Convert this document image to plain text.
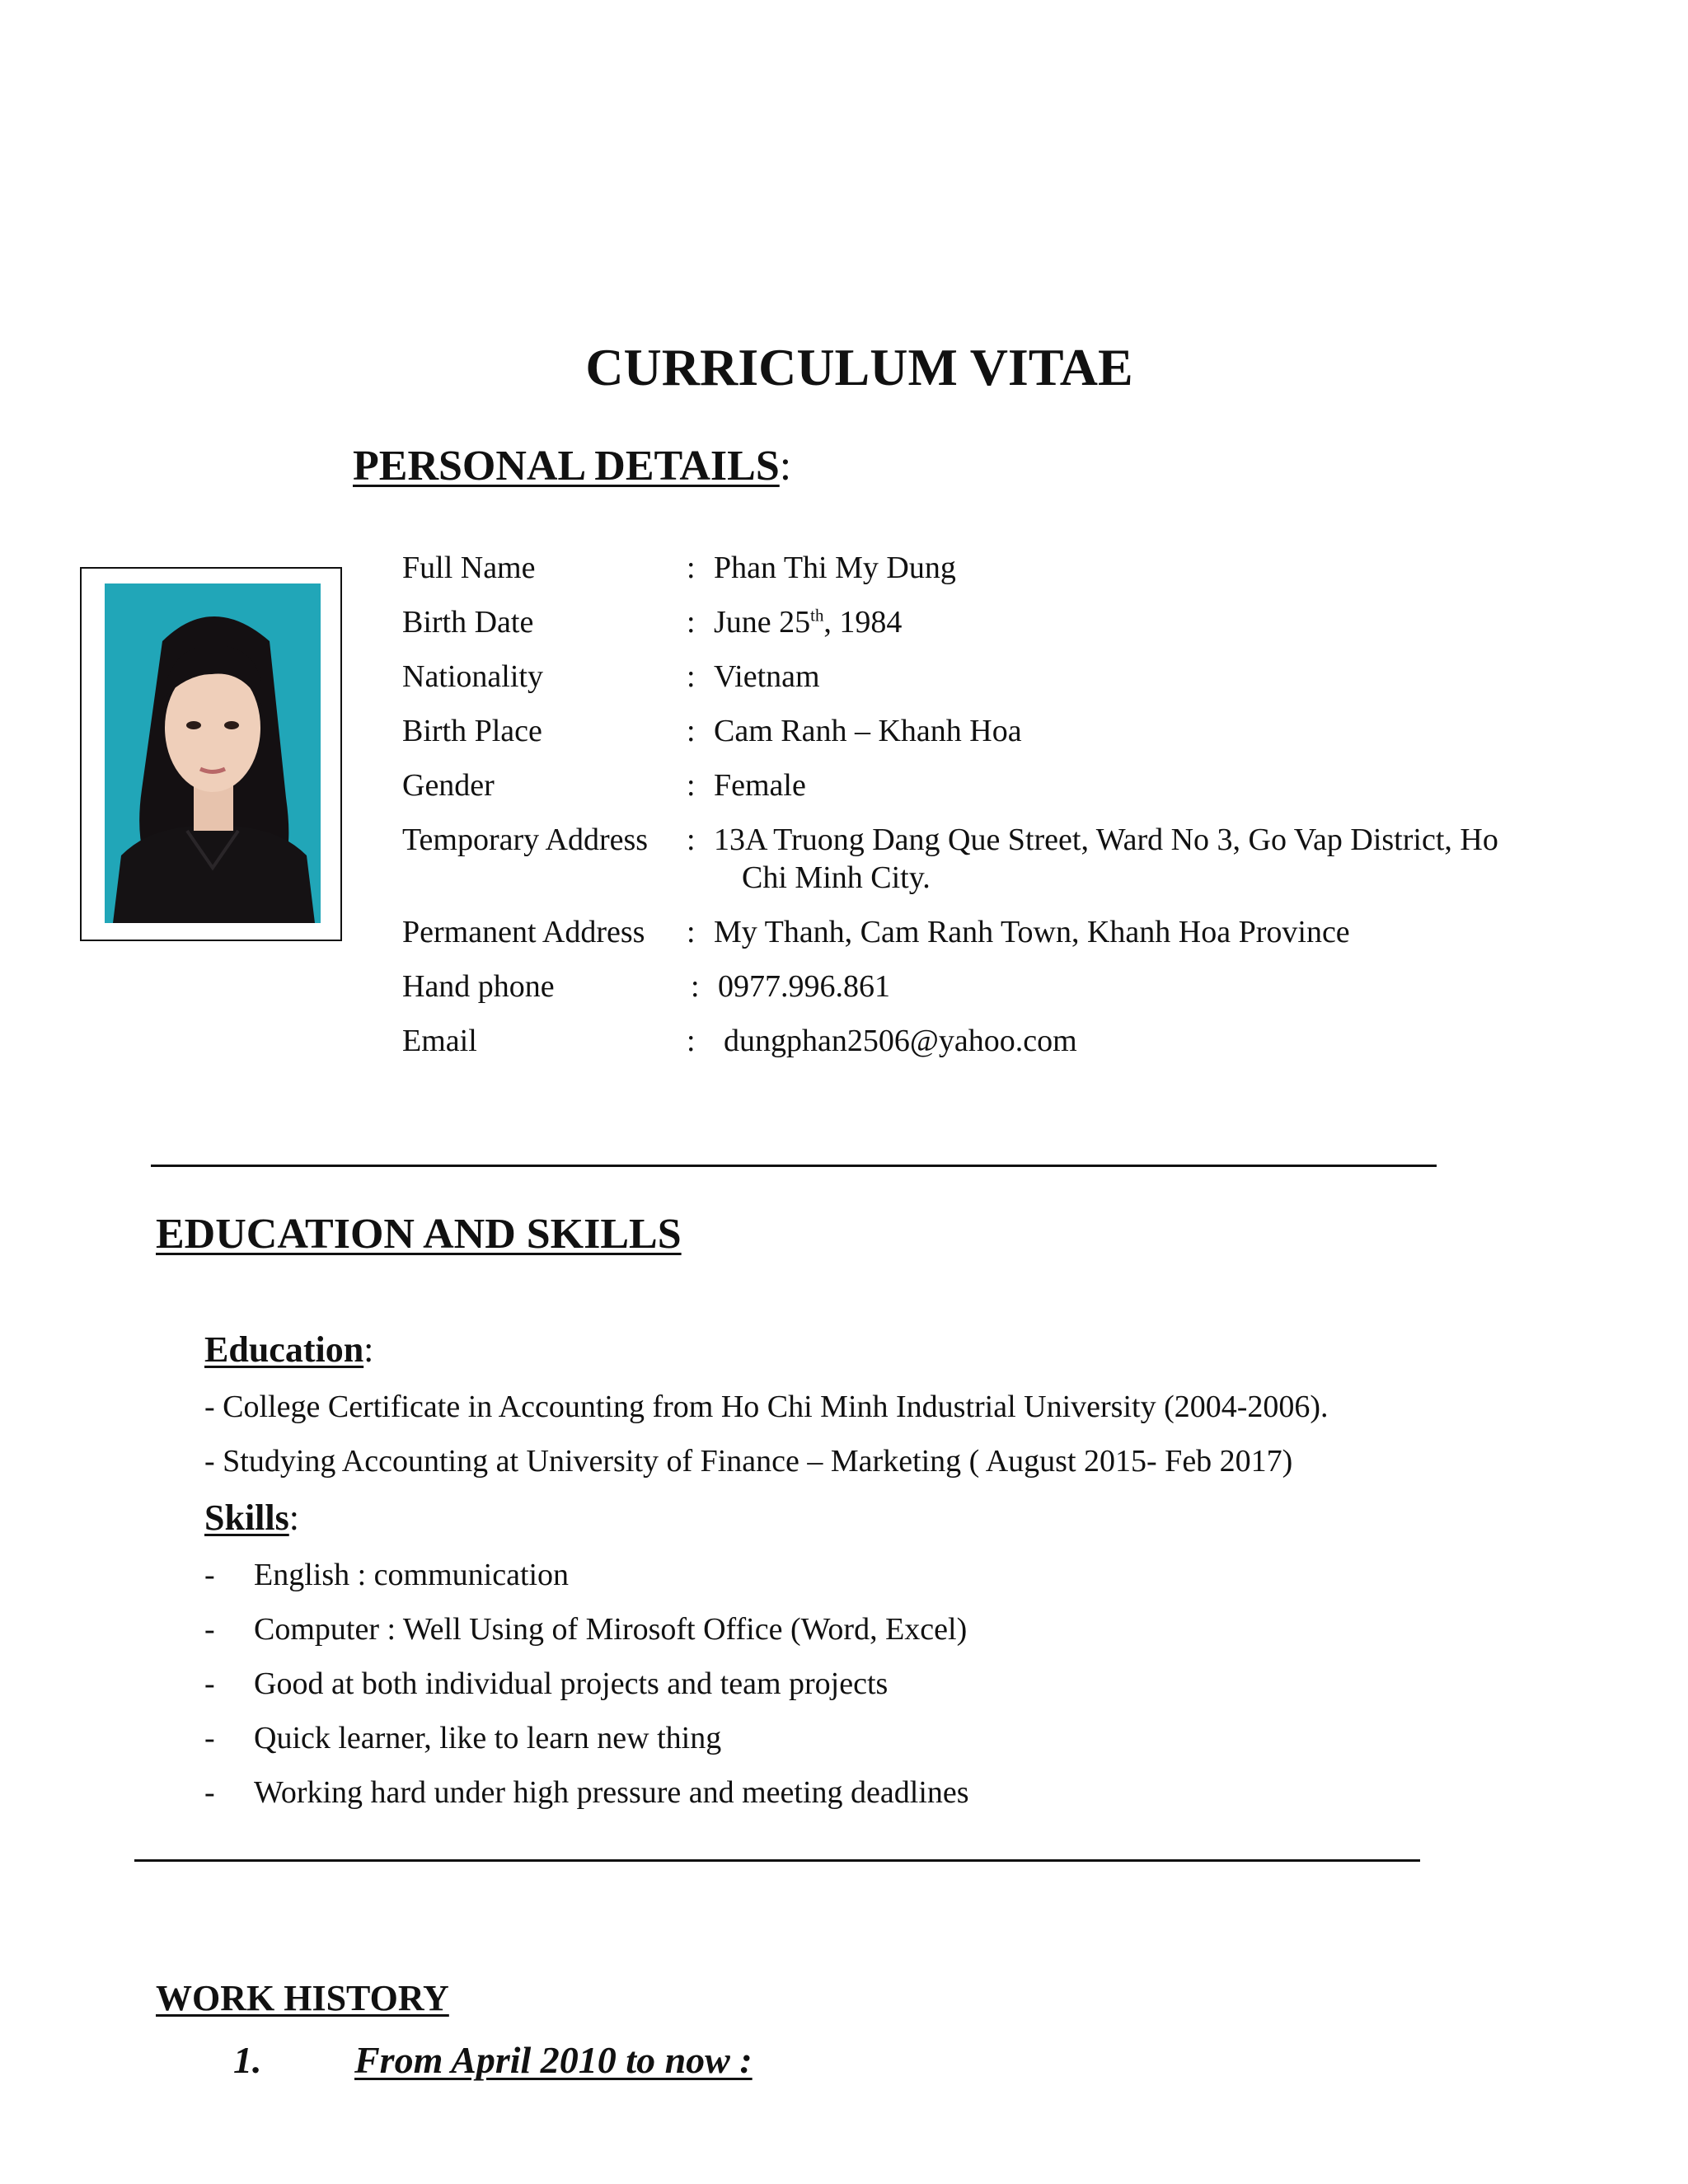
CURRICULUM VITAE
PERSONAL DETAILS:
Full Name	: Phan Thi My Dung
Birth Date	: June 25th, 1984
Nationality	: Vietnam
Birth Place	: Cam Ranh – Khanh Hoa
Gender	: Female
Temporary Address : 13A Truong Dang Que Street, Ward No 3, Go Vap District, Ho
Chi Minh City.
Permanent Address : My Thanh, Cam Ranh Town, Khanh Hoa Province
Hand phone	: 0977.996.861
Email	: dungphan2506@yahoo.com
EDUCATION AND SKILLS
Education:
- College Certificate in Accounting from Ho Chi Minh Industrial University (2004-2006).
- Studying Accounting at University of Finance – Marketing ( August 2015- Feb 2017)
Skills:
- English : communication
- Computer : Well Using of Mirosoft Office (Word, Excel)
- Good at both individual projects and team projects
- Quick learner, like to learn new thing
- Working hard under high pressure and meeting deadlines
WORK HISTORY
1. From April 2010 to now :
